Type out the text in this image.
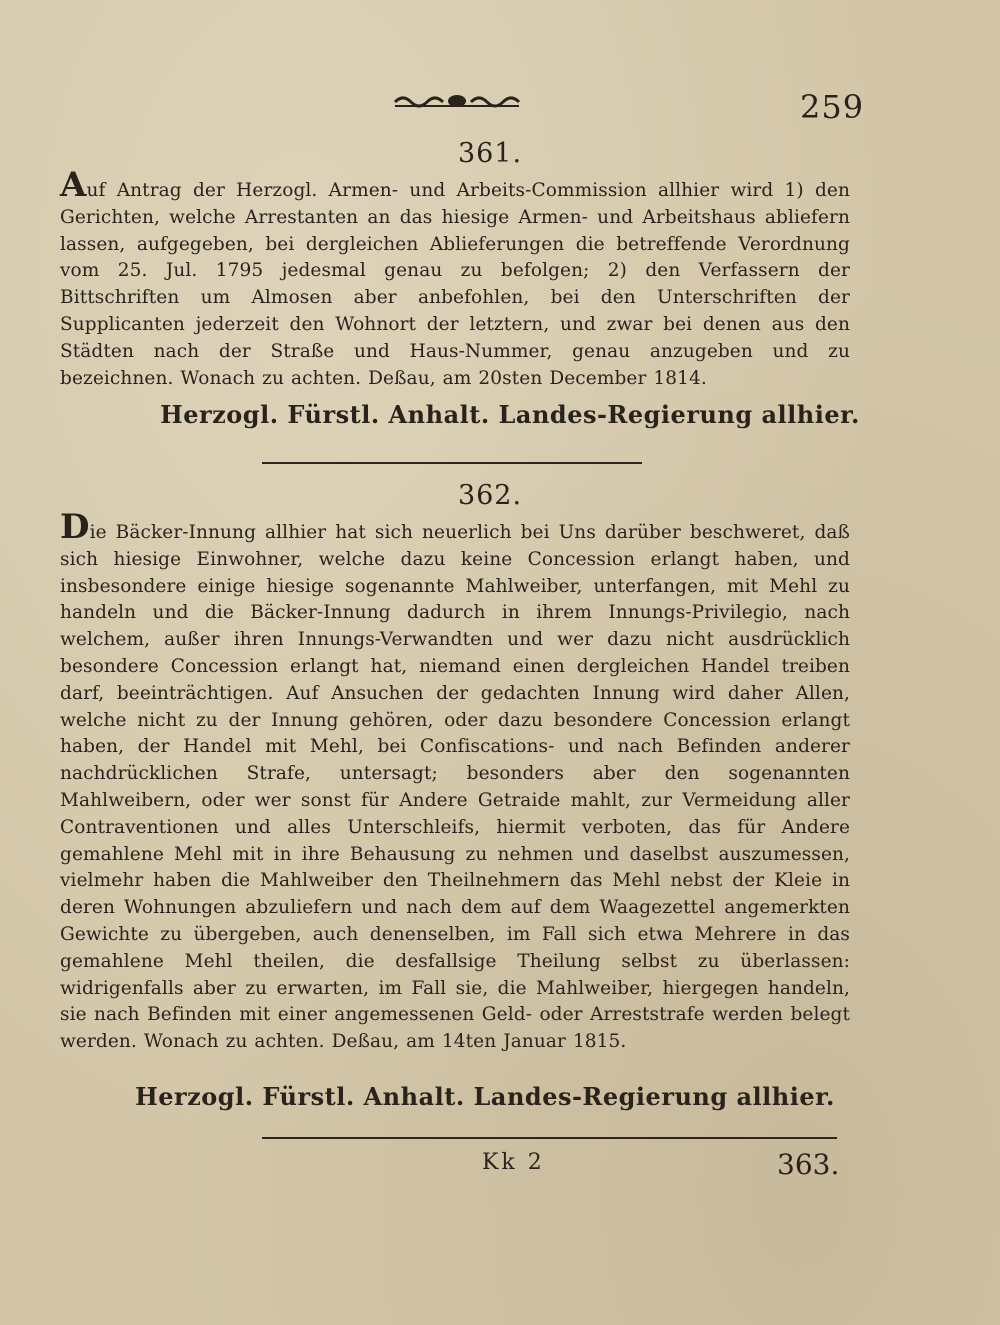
259
361.
Auf Antrag der Herzogl. Armen- und Arbeits-Commission allhier wird 1) den Gerichten, welche Arrestanten an das hiesige Armen- und Arbeitshaus abliefern lassen, aufgegeben, bei dergleichen Ablieferungen die betreffende Verordnung vom 25. Jul. 1795 jedesmal genau zu befolgen; 2) den Verfassern der Bittschriften um Almosen aber anbefohlen, bei den Unterschriften der Supplicanten jederzeit den Wohnort der letztern, und zwar bei denen aus den Städten nach der Straße und Haus-Nummer, genau anzugeben und zu bezeichnen. Wonach zu achten. Deßau, am 20sten December 1814.
Herzogl. Fürstl. Anhalt. Landes-Regierung allhier.
362.
Die Bäcker-Innung allhier hat sich neuerlich bei Uns darüber beschweret, daß sich hiesige Einwohner, welche dazu keine Concession erlangt haben, und insbesondere einige hiesige sogenannte Mahlweiber, unterfangen, mit Mehl zu handeln und die Bäcker-Innung dadurch in ihrem Innungs-Privilegio, nach welchem, außer ihren Innungs-Verwandten und wer dazu nicht ausdrücklich besondere Concession erlangt hat, niemand einen dergleichen Handel treiben darf, beeinträchtigen. Auf Ansuchen der gedachten Innung wird daher Allen, welche nicht zu der Innung gehören, oder dazu besondere Concession erlangt haben, der Handel mit Mehl, bei Confiscations- und nach Befinden anderer nachdrücklichen Strafe, untersagt; besonders aber den sogenannten Mahlweibern, oder wer sonst für Andere Getraide mahlt, zur Vermeidung aller Contraventionen und alles Unterschleifs, hiermit verboten, das für Andere gemahlene Mehl mit in ihre Behausung zu nehmen und daselbst auszumessen, vielmehr haben die Mahlweiber den Theilnehmern das Mehl nebst der Kleie in deren Wohnungen abzuliefern und nach dem auf dem Waagezettel angemerkten Gewichte zu übergeben, auch denenselben, im Fall sich etwa Mehrere in das gemahlene Mehl theilen, die desfallsige Theilung selbst zu überlassen: widrigenfalls aber zu erwarten, im Fall sie, die Mahlweiber, hiergegen handeln, sie nach Befinden mit einer angemessenen Geld- oder Arreststrafe werden belegt werden. Wonach zu achten. Deßau, am 14ten Januar 1815.
Herzogl. Fürstl. Anhalt. Landes-Regierung allhier.
Kk 2	363.
